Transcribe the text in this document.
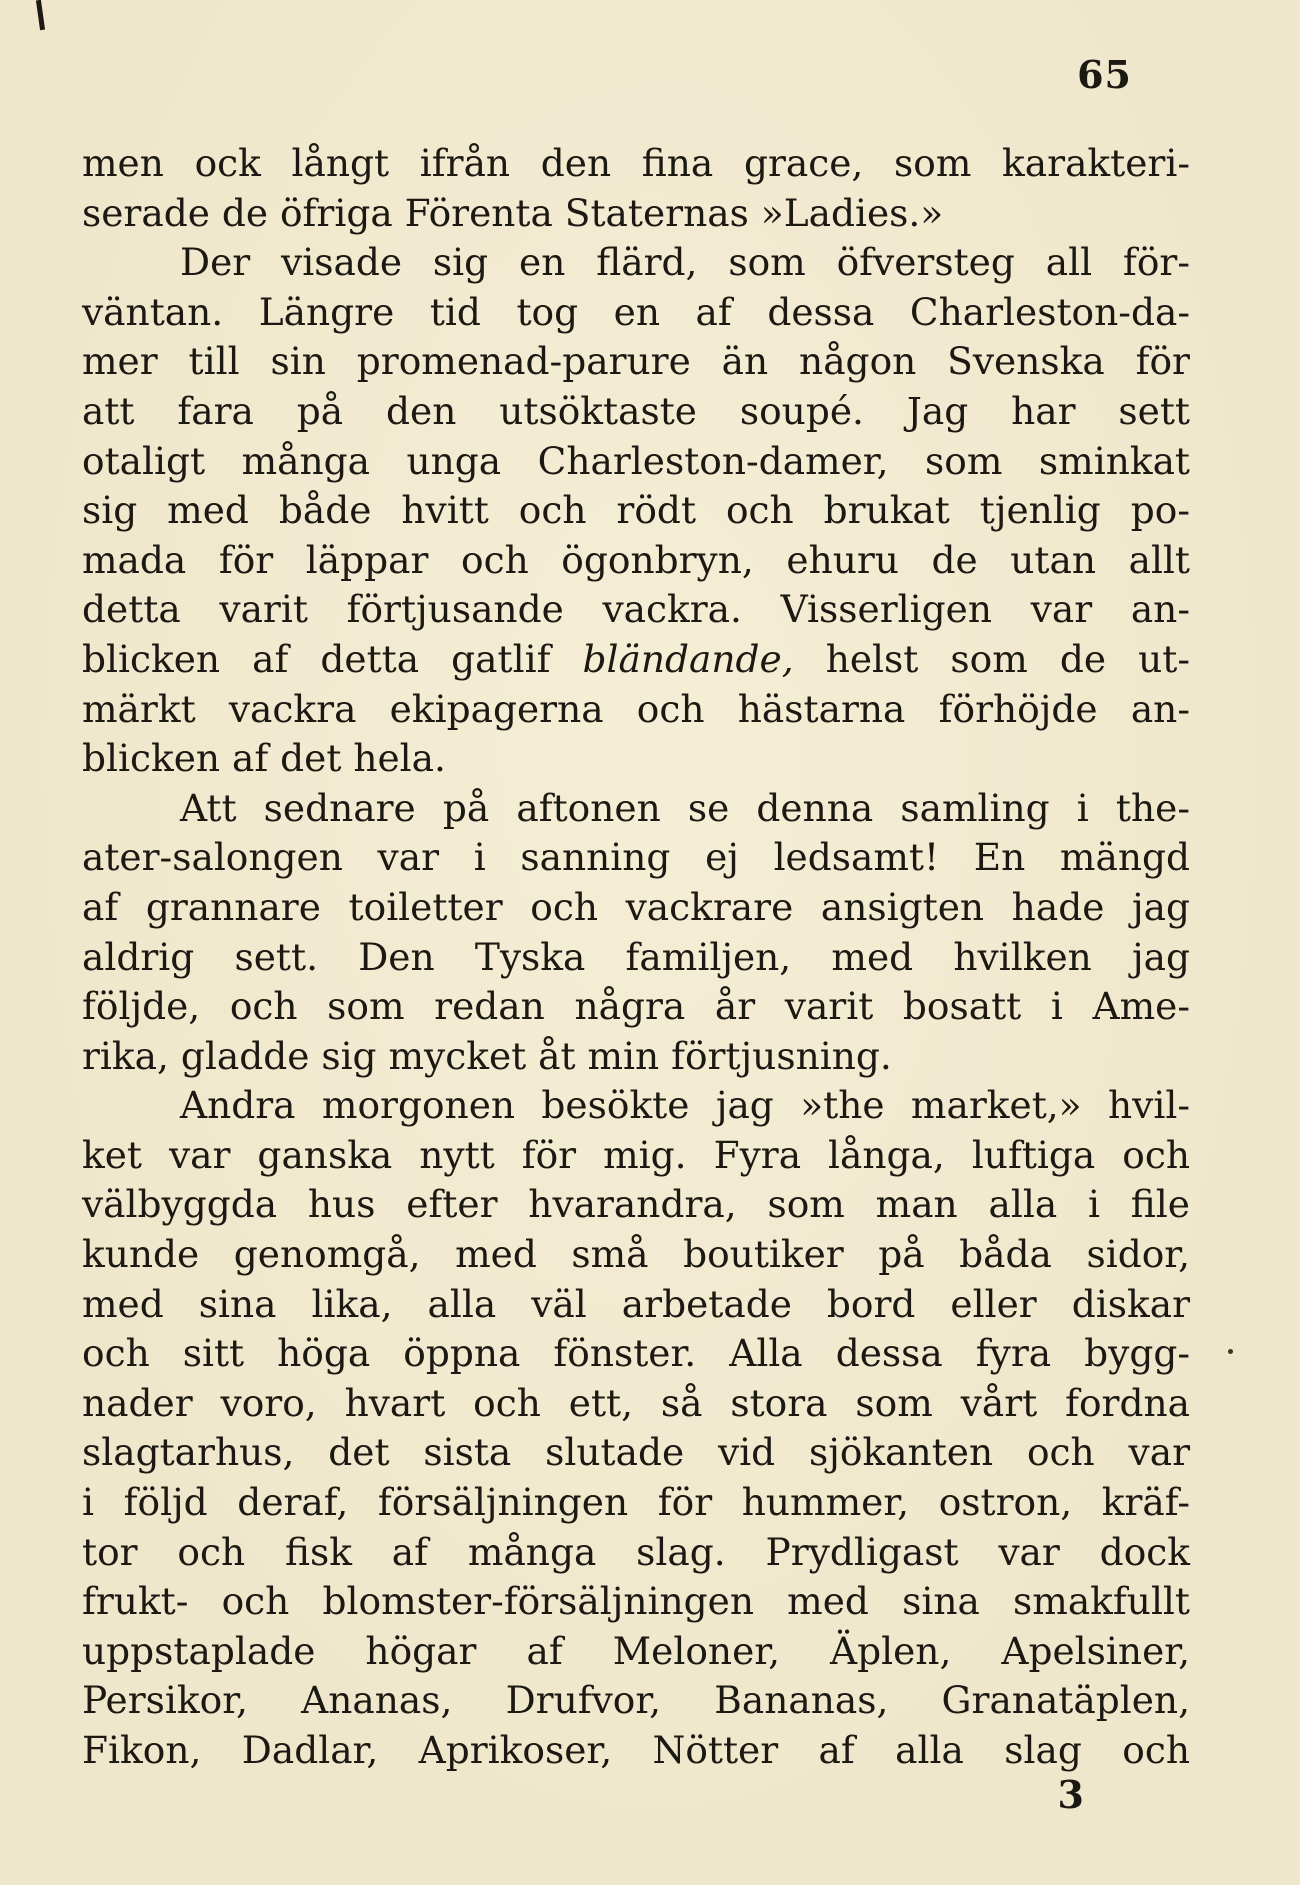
65
men ock långt ifrån den fina grace, som karakteri-
serade de öfriga Förenta Staternas »Ladies.»
Der visade sig en flärd, som öfversteg all för-
väntan. Längre tid tog en af dessa Charleston-da-
mer till sin promenad-parure än någon Svenska för
att fara på den utsöktaste soupé. Jag har sett
otaligt många unga Charleston-damer, som sminkat
sig med både hvitt och rödt och brukat tjenlig po-
mada för läppar och ögonbryn, ehuru de utan allt
detta varit förtjusande vackra. Visserligen var an-
blicken af detta gatlif bländande, helst som de ut-
märkt vackra ekipagerna och hästarna förhöjde an-
blicken af det hela.
Att sednare på aftonen se denna samling i the-
ater-salongen var i sanning ej ledsamt! En mängd
af grannare toiletter och vackrare ansigten hade jag
aldrig sett. Den Tyska familjen, med hvilken jag
följde, och som redan några år varit bosatt i Ame-
rika, gladde sig mycket åt min förtjusning.
Andra morgonen besökte jag »the market,» hvil-
ket var ganska nytt för mig. Fyra långa, luftiga och
välbyggda hus efter hvarandra, som man alla i file
kunde genomgå, med små boutiker på båda sidor,
med sina lika, alla väl arbetade bord eller diskar
och sitt höga öppna fönster. Alla dessa fyra bygg-
nader voro, hvart och ett, så stora som vårt fordna
slagtarhus, det sista slutade vid sjökanten och var
i följd deraf, försäljningen för hummer, ostron, kräf-
tor och fisk af många slag. Prydligast var dock
frukt- och blomster-försäljningen med sina smakfullt
uppstaplade högar af Meloner, Äplen, Apelsiner,
Persikor, Ananas, Drufvor, Bananas, Granatäplen,
Fikon, Dadlar, Aprikoser, Nötter af alla slag och
3
